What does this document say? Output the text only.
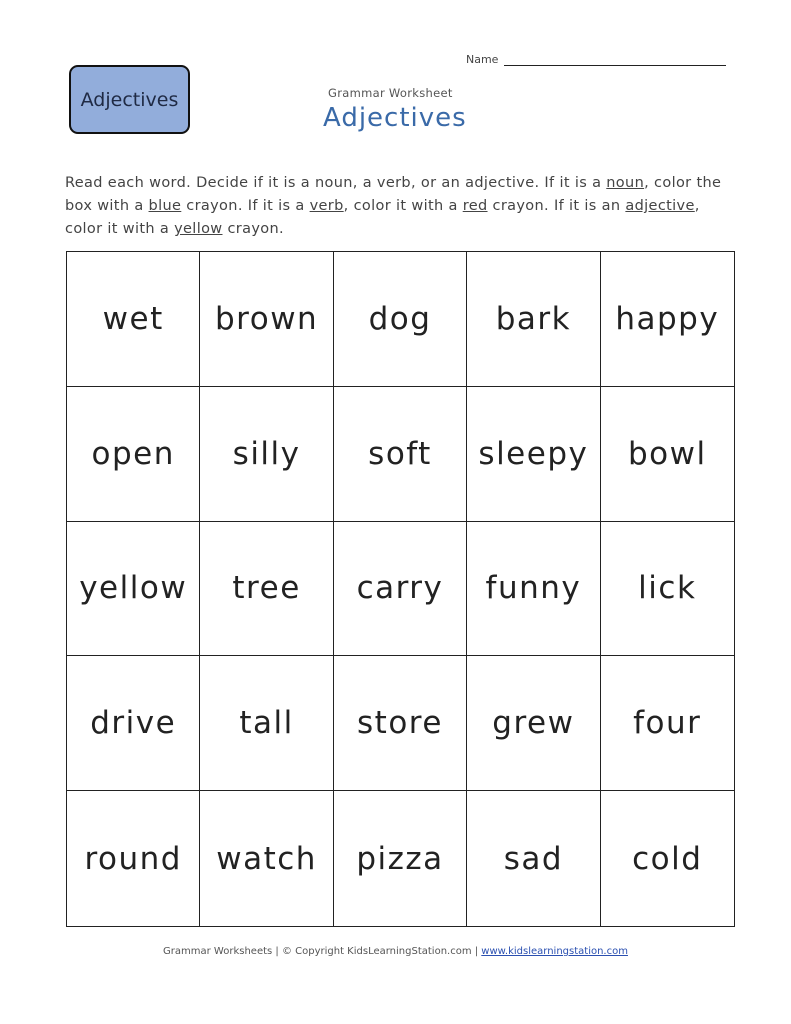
Name
Adjectives	Grammar Worksheet
Adjectives
Read each word. Decide if it is a noun, a verb, or an adjective. If it is a noun, color the box with a blue crayon. If it is a verb, color it with a red crayon. If it is an adjective, color it with a yellow crayon.
wet	brown	dog	bark	happy
open	silly	soft	sleepy	bowl
yellow	tree	carry	funny	lick
drive	tall	store	grew	four
round	watch	pizza	sad	cold
Grammar Worksheets | © Copyright KidsLearningStation.com | www.kidslearningstation.com
